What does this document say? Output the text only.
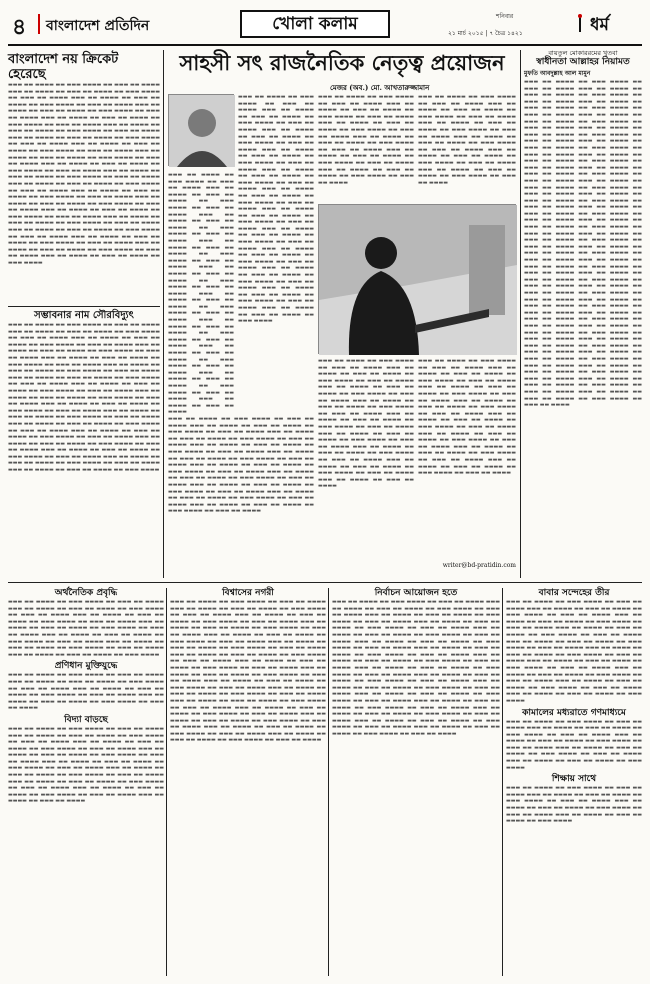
৪ বাংলাদেশ প্রতিদিন	খোলা কলাম	শনিবার
২১ মার্চ ২০১৫ | ৭ চৈত্র ১৪২১	ধর্ম
বাংলাদেশ নয় ক্রিকেট হেরেছে
▬▬▬ ▬▬ ▬▬▬▬ ▬▬ ▬▬▬ ▬▬▬▬ ▬▬ ▬▬▬ ▬▬ ▬▬▬▬ ▬▬▬ ▬▬ ▬▬▬▬ ▬▬ ▬▬▬ ▬▬ ▬▬▬▬ ▬▬ ▬▬▬ ▬▬▬▬ ▬▬ ▬▬▬ ▬▬ ▬▬▬▬ ▬▬▬ ▬▬ ▬▬▬▬ ▬▬ ▬▬▬ ▬▬ ▬▬▬▬ ▬▬ ▬▬▬ ▬▬▬▬ ▬▬ ▬▬▬ ▬▬ ▬▬▬▬ ▬▬▬ ▬▬ ▬▬▬▬ ▬▬ ▬▬▬ ▬▬ ▬▬▬▬ ▬▬ ▬▬▬ ▬▬▬▬ ▬▬ ▬▬▬ ▬▬ ▬▬▬▬ ▬▬▬ ▬▬ ▬▬▬▬ ▬▬ ▬▬▬ ▬▬ ▬▬▬▬ ▬▬ ▬▬▬ ▬▬▬▬ ▬▬ ▬▬▬ ▬▬ ▬▬▬▬ ▬▬▬ ▬▬ ▬▬▬▬ ▬▬ ▬▬▬ ▬▬ ▬▬▬▬ ▬▬ ▬▬▬ ▬▬▬▬ ▬▬ ▬▬▬ ▬▬ ▬▬▬▬ ▬▬▬ ▬▬ ▬▬▬▬ ▬▬ ▬▬▬ ▬▬ ▬▬▬▬ ▬▬ ▬▬▬ ▬▬▬▬ ▬▬ ▬▬▬ ▬▬ ▬▬▬▬ ▬▬▬ ▬▬ ▬▬▬▬ ▬▬ ▬▬▬ ▬▬ ▬▬▬▬ ▬▬ ▬▬▬ ▬▬▬▬ ▬▬ ▬▬▬ ▬▬ ▬▬▬▬ ▬▬▬ ▬▬ ▬▬▬▬ ▬▬ ▬▬▬ ▬▬ ▬▬▬▬ ▬▬ ▬▬▬ ▬▬▬▬ ▬▬ ▬▬▬ ▬▬ ▬▬▬▬ ▬▬▬ ▬▬ ▬▬▬▬ ▬▬ ▬▬▬ ▬▬ ▬▬▬▬ ▬▬ ▬▬▬ ▬▬▬▬ ▬▬ ▬▬▬ ▬▬ ▬▬▬▬ ▬▬▬ ▬▬ ▬▬▬▬ ▬▬ ▬▬▬ ▬▬ ▬▬▬▬ ▬▬ ▬▬▬ ▬▬▬▬ ▬▬ ▬▬▬ ▬▬ ▬▬▬▬ ▬▬▬ ▬▬ ▬▬▬▬ ▬▬ ▬▬▬ ▬▬ ▬▬▬▬ ▬▬ ▬▬▬ ▬▬▬▬ ▬▬ ▬▬▬ ▬▬ ▬▬▬▬ ▬▬▬ ▬▬ ▬▬▬▬ ▬▬ ▬▬▬ ▬▬ ▬▬▬▬ ▬▬ ▬▬▬ ▬▬▬▬ ▬▬ ▬▬▬ ▬▬ ▬▬▬▬ ▬▬▬ ▬▬ ▬▬▬▬ ▬▬ ▬▬▬ ▬▬ ▬▬▬▬ ▬▬ ▬▬▬ ▬▬▬▬ ▬▬ ▬▬▬ ▬▬ ▬▬▬▬ ▬▬▬ ▬▬ ▬▬▬▬ ▬▬ ▬▬▬ ▬▬ ▬▬▬▬ ▬▬ ▬▬▬ ▬▬▬▬ ▬▬ ▬▬▬ ▬▬ ▬▬▬▬ ▬▬▬ ▬▬ ▬▬▬▬ ▬▬ ▬▬▬ ▬▬ ▬▬▬▬ ▬▬ ▬▬▬ ▬▬▬▬ ▬▬ ▬▬▬ ▬▬ ▬▬▬▬ ▬▬▬ ▬▬ ▬▬▬▬ ▬▬ ▬▬▬ ▬▬ ▬▬▬▬ ▬▬ ▬▬▬ ▬▬▬▬ ▬▬ ▬▬▬ ▬▬ ▬▬▬▬ ▬▬▬ ▬▬ ▬▬▬▬ ▬▬ ▬▬▬ ▬▬ ▬▬▬▬ ▬▬ ▬▬▬ ▬▬▬▬ ▬▬ ▬▬▬ ▬▬ ▬▬▬▬ ▬▬▬ ▬▬ ▬▬▬▬ ▬▬ ▬▬▬ ▬▬ ▬▬▬▬ ▬▬ ▬▬▬ ▬▬▬▬ ▬▬ ▬▬▬ ▬▬ ▬▬▬▬ ▬▬▬ ▬▬ ▬▬▬▬ ▬▬ ▬▬▬ ▬▬ ▬▬▬▬ ▬▬ ▬▬▬ ▬▬▬▬
সম্ভাবনার নাম সৌরবিদ্যুৎ
▬▬▬ ▬▬ ▬▬▬▬ ▬▬ ▬▬▬ ▬▬▬▬ ▬▬ ▬▬▬ ▬▬ ▬▬▬▬ ▬▬▬ ▬▬ ▬▬▬▬ ▬▬ ▬▬▬ ▬▬ ▬▬▬▬ ▬▬ ▬▬▬ ▬▬▬▬ ▬▬ ▬▬▬ ▬▬ ▬▬▬▬ ▬▬▬ ▬▬ ▬▬▬▬ ▬▬ ▬▬▬ ▬▬ ▬▬▬▬ ▬▬ ▬▬▬ ▬▬▬▬ ▬▬ ▬▬▬ ▬▬ ▬▬▬▬ ▬▬▬ ▬▬ ▬▬▬▬ ▬▬ ▬▬▬ ▬▬ ▬▬▬▬ ▬▬ ▬▬▬ ▬▬▬▬ ▬▬ ▬▬▬ ▬▬ ▬▬▬▬ ▬▬▬ ▬▬ ▬▬▬▬ ▬▬ ▬▬▬ ▬▬ ▬▬▬▬ ▬▬ ▬▬▬ ▬▬▬▬ ▬▬ ▬▬▬ ▬▬ ▬▬▬▬ ▬▬▬ ▬▬ ▬▬▬▬ ▬▬ ▬▬▬ ▬▬ ▬▬▬▬ ▬▬ ▬▬▬ ▬▬▬▬ ▬▬ ▬▬▬ ▬▬ ▬▬▬▬ ▬▬▬ ▬▬ ▬▬▬▬ ▬▬ ▬▬▬ ▬▬ ▬▬▬▬ ▬▬ ▬▬▬ ▬▬▬▬ ▬▬ ▬▬▬ ▬▬ ▬▬▬▬ ▬▬▬ ▬▬ ▬▬▬▬ ▬▬ ▬▬▬ ▬▬ ▬▬▬▬ ▬▬ ▬▬▬ ▬▬▬▬ ▬▬ ▬▬▬ ▬▬ ▬▬▬▬ ▬▬▬ ▬▬ ▬▬▬▬ ▬▬ ▬▬▬ ▬▬ ▬▬▬▬ ▬▬ ▬▬▬ ▬▬▬▬ ▬▬ ▬▬▬ ▬▬ ▬▬▬▬ ▬▬▬ ▬▬ ▬▬▬▬ ▬▬ ▬▬▬ ▬▬ ▬▬▬▬ ▬▬ ▬▬▬ ▬▬▬▬ ▬▬ ▬▬▬ ▬▬ ▬▬▬▬ ▬▬▬ ▬▬ ▬▬▬▬ ▬▬ ▬▬▬ ▬▬ ▬▬▬▬ ▬▬ ▬▬▬ ▬▬▬▬ ▬▬ ▬▬▬ ▬▬ ▬▬▬▬ ▬▬▬ ▬▬ ▬▬▬▬ ▬▬ ▬▬▬ ▬▬ ▬▬▬▬ ▬▬ ▬▬▬ ▬▬▬▬ ▬▬ ▬▬▬ ▬▬ ▬▬▬▬ ▬▬▬ ▬▬ ▬▬▬▬ ▬▬ ▬▬▬ ▬▬ ▬▬▬▬ ▬▬ ▬▬▬ ▬▬▬▬ ▬▬ ▬▬▬ ▬▬ ▬▬▬▬ ▬▬▬ ▬▬ ▬▬▬▬ ▬▬ ▬▬▬ ▬▬ ▬▬▬▬ ▬▬ ▬▬▬ ▬▬▬▬ ▬▬ ▬▬▬ ▬▬ ▬▬▬▬ ▬▬▬ ▬▬ ▬▬▬▬ ▬▬ ▬▬▬ ▬▬ ▬▬▬▬ ▬▬ ▬▬▬ ▬▬▬▬ ▬▬ ▬▬▬ ▬▬ ▬▬▬▬ ▬▬▬ ▬▬ ▬▬▬▬ ▬▬ ▬▬▬ ▬▬ ▬▬▬▬ ▬▬ ▬▬▬ ▬▬▬▬ ▬▬ ▬▬▬ ▬▬ ▬▬▬▬ ▬▬▬ ▬▬ ▬▬▬▬ ▬▬ ▬▬▬ ▬▬ ▬▬▬▬ ▬▬ ▬▬▬ ▬▬▬▬
সাহসী সৎ রাজনৈতিক নেতৃত্ব প্রয়োজন
মেজর (অব.) মো. আখতারুজ্জামান
▬▬▬ ▬▬ ▬▬▬▬ ▬▬ ▬▬▬ ▬▬▬▬ ▬▬ ▬▬▬ ▬▬ ▬▬▬▬ ▬▬▬ ▬▬ ▬▬▬▬ ▬▬ ▬▬▬ ▬▬ ▬▬▬▬ ▬▬ ▬▬▬ ▬▬▬▬ ▬▬ ▬▬▬ ▬▬ ▬▬▬▬ ▬▬▬ ▬▬ ▬▬▬▬ ▬▬ ▬▬▬ ▬▬ ▬▬▬▬ ▬▬ ▬▬▬ ▬▬▬▬ ▬▬ ▬▬▬ ▬▬ ▬▬▬▬ ▬▬▬ ▬▬ ▬▬▬▬ ▬▬ ▬▬▬ ▬▬ ▬▬▬▬ ▬▬ ▬▬▬ ▬▬▬▬ ▬▬ ▬▬▬ ▬▬ ▬▬▬▬ ▬▬▬ ▬▬ ▬▬▬▬ ▬▬ ▬▬▬ ▬▬ ▬▬▬▬ ▬▬ ▬▬▬ ▬▬▬▬ ▬▬ ▬▬▬ ▬▬ ▬▬▬▬ ▬▬▬ ▬▬ ▬▬▬▬ ▬▬ ▬▬▬ ▬▬ ▬▬▬▬ ▬▬ ▬▬▬ ▬▬▬▬ ▬▬ ▬▬▬ ▬▬ ▬▬▬▬ ▬▬▬ ▬▬ ▬▬▬▬ ▬▬ ▬▬▬ ▬▬ ▬▬▬▬ ▬▬ ▬▬▬ ▬▬▬▬ ▬▬ ▬▬▬ ▬▬ ▬▬▬▬ ▬▬▬ ▬▬ ▬▬▬▬ ▬▬ ▬▬▬ ▬▬ ▬▬▬▬ ▬▬ ▬▬▬ ▬▬▬▬ ▬▬ ▬▬▬ ▬▬ ▬▬▬▬ ▬▬▬ ▬▬ ▬▬▬▬ ▬▬ ▬▬▬ ▬▬ ▬▬▬▬ ▬▬ ▬▬▬ ▬▬▬▬ ▬▬ ▬▬▬ ▬▬ ▬▬▬▬ ▬▬▬ ▬▬ ▬▬▬▬ ▬▬ ▬▬▬ ▬▬ ▬▬▬▬
▬▬▬ ▬▬ ▬▬▬▬ ▬▬ ▬▬▬ ▬▬▬▬ ▬▬ ▬▬▬ ▬▬ ▬▬▬▬ ▬▬▬ ▬▬ ▬▬▬▬ ▬▬ ▬▬▬ ▬▬ ▬▬▬▬ ▬▬ ▬▬▬ ▬▬▬▬ ▬▬ ▬▬▬ ▬▬ ▬▬▬▬ ▬▬▬ ▬▬ ▬▬▬▬ ▬▬ ▬▬▬ ▬▬ ▬▬▬▬ ▬▬ ▬▬▬ ▬▬▬▬ ▬▬ ▬▬▬ ▬▬ ▬▬▬▬ ▬▬▬ ▬▬ ▬▬▬▬ ▬▬ ▬▬▬ ▬▬ ▬▬▬▬ ▬▬ ▬▬▬ ▬▬▬▬ ▬▬ ▬▬▬ ▬▬ ▬▬▬▬ ▬▬▬ ▬▬ ▬▬▬▬ ▬▬ ▬▬▬ ▬▬ ▬▬▬▬ ▬▬ ▬▬▬ ▬▬▬▬ ▬▬ ▬▬▬ ▬▬ ▬▬▬▬ ▬▬▬ ▬▬ ▬▬▬▬ ▬▬ ▬▬▬ ▬▬ ▬▬▬▬ ▬▬ ▬▬▬ ▬▬▬▬ ▬▬ ▬▬▬ ▬▬ ▬▬▬▬ ▬▬▬ ▬▬ ▬▬▬▬ ▬▬ ▬▬▬ ▬▬ ▬▬▬▬ ▬▬ ▬▬▬ ▬▬▬▬ ▬▬ ▬▬▬ ▬▬ ▬▬▬▬ ▬▬▬ ▬▬ ▬▬▬▬ ▬▬ ▬▬▬ ▬▬ ▬▬▬▬ ▬▬ ▬▬▬ ▬▬▬▬ ▬▬ ▬▬▬ ▬▬ ▬▬▬▬ ▬▬▬ ▬▬ ▬▬▬▬ ▬▬ ▬▬▬ ▬▬ ▬▬▬▬ ▬▬ ▬▬▬ ▬▬▬▬ ▬▬ ▬▬▬ ▬▬ ▬▬▬▬ ▬▬▬ ▬▬ ▬▬▬▬ ▬▬ ▬▬▬ ▬▬ ▬▬▬▬ ▬▬ ▬▬▬ ▬▬▬▬ ▬▬ ▬▬▬ ▬▬ ▬▬▬▬ ▬▬▬ ▬▬ ▬▬▬▬ ▬▬ ▬▬▬ ▬▬ ▬▬▬▬ ▬▬ ▬▬▬ ▬▬▬▬ ▬▬ ▬▬▬ ▬▬ ▬▬▬▬ ▬▬▬ ▬▬ ▬▬▬▬ ▬▬ ▬▬▬ ▬▬ ▬▬▬▬ ▬▬ ▬▬▬ ▬▬▬▬
▬▬▬ ▬▬ ▬▬▬▬ ▬▬ ▬▬▬ ▬▬▬▬ ▬▬ ▬▬▬ ▬▬ ▬▬▬▬ ▬▬▬ ▬▬ ▬▬▬▬ ▬▬ ▬▬▬ ▬▬ ▬▬▬▬ ▬▬ ▬▬▬ ▬▬▬▬ ▬▬ ▬▬▬ ▬▬ ▬▬▬▬ ▬▬▬ ▬▬ ▬▬▬▬ ▬▬ ▬▬▬ ▬▬ ▬▬▬▬ ▬▬ ▬▬▬ ▬▬▬▬ ▬▬ ▬▬▬ ▬▬ ▬▬▬▬ ▬▬▬ ▬▬ ▬▬▬▬ ▬▬ ▬▬▬ ▬▬ ▬▬▬▬ ▬▬ ▬▬▬ ▬▬▬▬ ▬▬ ▬▬▬ ▬▬ ▬▬▬▬ ▬▬▬ ▬▬ ▬▬▬▬ ▬▬ ▬▬▬ ▬▬ ▬▬▬▬ ▬▬ ▬▬▬ ▬▬▬▬ ▬▬ ▬▬▬ ▬▬ ▬▬▬▬ ▬▬▬ ▬▬ ▬▬▬▬ ▬▬ ▬▬▬ ▬▬ ▬▬▬▬ ▬▬ ▬▬▬ ▬▬▬▬ ▬▬ ▬▬▬ ▬▬ ▬▬▬▬
▬▬▬ ▬▬ ▬▬▬▬ ▬▬ ▬▬▬ ▬▬▬▬ ▬▬ ▬▬▬ ▬▬ ▬▬▬▬ ▬▬▬ ▬▬ ▬▬▬▬ ▬▬ ▬▬▬ ▬▬ ▬▬▬▬ ▬▬ ▬▬▬ ▬▬▬▬ ▬▬ ▬▬▬ ▬▬ ▬▬▬▬ ▬▬▬ ▬▬ ▬▬▬▬ ▬▬ ▬▬▬ ▬▬ ▬▬▬▬ ▬▬ ▬▬▬ ▬▬▬▬ ▬▬ ▬▬▬ ▬▬ ▬▬▬▬ ▬▬▬ ▬▬ ▬▬▬▬ ▬▬ ▬▬▬ ▬▬ ▬▬▬▬ ▬▬ ▬▬▬ ▬▬▬▬ ▬▬ ▬▬▬ ▬▬ ▬▬▬▬ ▬▬▬ ▬▬ ▬▬▬▬ ▬▬ ▬▬▬ ▬▬ ▬▬▬▬ ▬▬ ▬▬▬ ▬▬▬▬ ▬▬ ▬▬▬ ▬▬ ▬▬▬▬ ▬▬▬ ▬▬ ▬▬▬▬ ▬▬ ▬▬▬ ▬▬ ▬▬▬▬ ▬▬ ▬▬▬ ▬▬▬▬ ▬▬ ▬▬▬ ▬▬ ▬▬▬▬
▬▬▬ ▬▬ ▬▬▬▬ ▬▬ ▬▬▬ ▬▬▬▬ ▬▬ ▬▬▬ ▬▬ ▬▬▬▬ ▬▬▬ ▬▬ ▬▬▬▬ ▬▬ ▬▬▬ ▬▬ ▬▬▬▬ ▬▬ ▬▬▬ ▬▬▬▬ ▬▬ ▬▬▬ ▬▬ ▬▬▬▬ ▬▬▬ ▬▬ ▬▬▬▬ ▬▬ ▬▬▬ ▬▬ ▬▬▬▬ ▬▬ ▬▬▬ ▬▬▬▬ ▬▬ ▬▬▬ ▬▬ ▬▬▬▬ ▬▬▬ ▬▬ ▬▬▬▬ ▬▬ ▬▬▬ ▬▬ ▬▬▬▬ ▬▬ ▬▬▬ ▬▬▬▬ ▬▬ ▬▬▬ ▬▬ ▬▬▬▬ ▬▬▬ ▬▬ ▬▬▬▬ ▬▬ ▬▬▬ ▬▬ ▬▬▬▬ ▬▬ ▬▬▬ ▬▬▬▬ ▬▬ ▬▬▬ ▬▬ ▬▬▬▬ ▬▬▬ ▬▬ ▬▬▬▬ ▬▬ ▬▬▬ ▬▬ ▬▬▬▬ ▬▬ ▬▬▬ ▬▬▬▬ ▬▬ ▬▬▬ ▬▬ ▬▬▬▬ ▬▬▬ ▬▬ ▬▬▬▬ ▬▬ ▬▬▬ ▬▬ ▬▬▬▬ ▬▬ ▬▬▬ ▬▬▬▬ ▬▬ ▬▬▬ ▬▬ ▬▬▬▬ ▬▬▬ ▬▬ ▬▬▬▬ ▬▬ ▬▬▬ ▬▬ ▬▬▬▬ ▬▬ ▬▬▬ ▬▬▬▬ ▬▬ ▬▬▬ ▬▬ ▬▬▬▬ ▬▬▬ ▬▬ ▬▬▬▬ ▬▬ ▬▬▬ ▬▬ ▬▬▬▬
▬▬▬ ▬▬ ▬▬▬▬ ▬▬ ▬▬▬ ▬▬▬▬ ▬▬ ▬▬▬ ▬▬ ▬▬▬▬ ▬▬▬ ▬▬ ▬▬▬▬ ▬▬ ▬▬▬ ▬▬ ▬▬▬▬ ▬▬ ▬▬▬ ▬▬▬▬ ▬▬ ▬▬▬ ▬▬ ▬▬▬▬ ▬▬▬ ▬▬ ▬▬▬▬ ▬▬ ▬▬▬ ▬▬ ▬▬▬▬ ▬▬ ▬▬▬ ▬▬▬▬ ▬▬ ▬▬▬ ▬▬ ▬▬▬▬ ▬▬▬ ▬▬ ▬▬▬▬ ▬▬ ▬▬▬ ▬▬ ▬▬▬▬ ▬▬ ▬▬▬ ▬▬▬▬ ▬▬ ▬▬▬ ▬▬ ▬▬▬▬ ▬▬▬ ▬▬ ▬▬▬▬ ▬▬ ▬▬▬ ▬▬ ▬▬▬▬ ▬▬ ▬▬▬ ▬▬▬▬ ▬▬ ▬▬▬ ▬▬ ▬▬▬▬ ▬▬▬ ▬▬ ▬▬▬▬ ▬▬ ▬▬▬ ▬▬ ▬▬▬▬ ▬▬ ▬▬▬ ▬▬▬▬ ▬▬ ▬▬▬ ▬▬ ▬▬▬▬ ▬▬▬ ▬▬ ▬▬▬▬ ▬▬ ▬▬▬ ▬▬ ▬▬▬▬ ▬▬ ▬▬▬ ▬▬▬▬ ▬▬ ▬▬▬ ▬▬ ▬▬▬▬ ▬▬▬ ▬▬ ▬▬▬▬ ▬▬ ▬▬▬ ▬▬ ▬▬▬▬ ▬▬ ▬▬▬ ▬▬▬▬ ▬▬ ▬▬▬ ▬▬ ▬▬▬▬
▬▬▬ ▬▬ ▬▬▬▬ ▬▬ ▬▬▬ ▬▬▬▬ ▬▬ ▬▬▬ ▬▬ ▬▬▬▬ ▬▬▬ ▬▬ ▬▬▬▬ ▬▬ ▬▬▬ ▬▬ ▬▬▬▬ ▬▬ ▬▬▬ ▬▬▬▬ ▬▬ ▬▬▬ ▬▬ ▬▬▬▬ ▬▬▬ ▬▬ ▬▬▬▬ ▬▬ ▬▬▬ ▬▬ ▬▬▬▬ ▬▬ ▬▬▬ ▬▬▬▬ ▬▬ ▬▬▬ ▬▬ ▬▬▬▬ ▬▬▬ ▬▬ ▬▬▬▬ ▬▬ ▬▬▬ ▬▬ ▬▬▬▬ ▬▬ ▬▬▬ ▬▬▬▬ ▬▬ ▬▬▬ ▬▬ ▬▬▬▬ ▬▬▬ ▬▬ ▬▬▬▬ ▬▬ ▬▬▬ ▬▬ ▬▬▬▬ ▬▬ ▬▬▬ ▬▬▬▬ ▬▬ ▬▬▬ ▬▬ ▬▬▬▬ ▬▬▬ ▬▬ ▬▬▬▬ ▬▬ ▬▬▬ ▬▬ ▬▬▬▬ ▬▬ ▬▬▬ ▬▬▬▬ ▬▬ ▬▬▬ ▬▬ ▬▬▬▬ ▬▬▬ ▬▬ ▬▬▬▬ ▬▬ ▬▬▬ ▬▬ ▬▬▬▬ ▬▬ ▬▬▬ ▬▬▬▬ ▬▬ ▬▬▬ ▬▬ ▬▬▬▬ ▬▬▬ ▬▬ ▬▬▬▬ ▬▬ ▬▬▬ ▬▬ ▬▬▬▬ ▬▬ ▬▬▬ ▬▬▬▬ ▬▬ ▬▬▬ ▬▬ ▬▬▬▬ ▬▬▬ ▬▬ ▬▬▬▬ ▬▬ ▬▬▬ ▬▬ ▬▬▬▬ ▬▬ ▬▬▬ ▬▬▬▬ ▬▬ ▬▬▬ ▬▬ ▬▬▬▬ ▬▬▬ ▬▬ ▬▬▬▬ ▬▬ ▬▬▬ ▬▬ ▬▬▬▬ ▬▬ ▬▬▬ ▬▬▬▬ ▬▬ ▬▬▬ ▬▬ ▬▬▬▬
writer@bd-pratidin.com
বায়তুল মোকাররমের খুতবা
স্বাধীনতা আল্লাহর নিয়ামত
মুফতি আবদুল্লাহ আল মামুন
▬▬▬ ▬▬ ▬▬▬▬ ▬▬ ▬▬▬ ▬▬▬▬ ▬▬ ▬▬▬ ▬▬ ▬▬▬▬ ▬▬▬ ▬▬ ▬▬▬▬ ▬▬ ▬▬▬ ▬▬ ▬▬▬▬ ▬▬ ▬▬▬ ▬▬▬▬ ▬▬ ▬▬▬ ▬▬ ▬▬▬▬ ▬▬▬ ▬▬ ▬▬▬▬ ▬▬ ▬▬▬ ▬▬ ▬▬▬▬ ▬▬ ▬▬▬ ▬▬▬▬ ▬▬ ▬▬▬ ▬▬ ▬▬▬▬ ▬▬▬ ▬▬ ▬▬▬▬ ▬▬ ▬▬▬ ▬▬ ▬▬▬▬ ▬▬ ▬▬▬ ▬▬▬▬ ▬▬ ▬▬▬ ▬▬ ▬▬▬▬ ▬▬▬ ▬▬ ▬▬▬▬ ▬▬ ▬▬▬ ▬▬ ▬▬▬▬ ▬▬ ▬▬▬ ▬▬▬▬ ▬▬ ▬▬▬ ▬▬ ▬▬▬▬ ▬▬▬ ▬▬ ▬▬▬▬ ▬▬ ▬▬▬ ▬▬ ▬▬▬▬ ▬▬ ▬▬▬ ▬▬▬▬ ▬▬ ▬▬▬ ▬▬ ▬▬▬▬ ▬▬▬ ▬▬ ▬▬▬▬ ▬▬ ▬▬▬ ▬▬ ▬▬▬▬ ▬▬ ▬▬▬ ▬▬▬▬ ▬▬ ▬▬▬ ▬▬ ▬▬▬▬ ▬▬▬ ▬▬ ▬▬▬▬ ▬▬ ▬▬▬ ▬▬ ▬▬▬▬ ▬▬ ▬▬▬ ▬▬▬▬ ▬▬ ▬▬▬ ▬▬ ▬▬▬▬ ▬▬▬ ▬▬ ▬▬▬▬ ▬▬ ▬▬▬ ▬▬ ▬▬▬▬ ▬▬ ▬▬▬ ▬▬▬▬ ▬▬ ▬▬▬ ▬▬ ▬▬▬▬ ▬▬▬ ▬▬ ▬▬▬▬ ▬▬ ▬▬▬ ▬▬ ▬▬▬▬ ▬▬ ▬▬▬ ▬▬▬▬ ▬▬ ▬▬▬ ▬▬ ▬▬▬▬ ▬▬▬ ▬▬ ▬▬▬▬ ▬▬ ▬▬▬ ▬▬ ▬▬▬▬ ▬▬ ▬▬▬ ▬▬▬▬ ▬▬ ▬▬▬ ▬▬ ▬▬▬▬ ▬▬▬ ▬▬ ▬▬▬▬ ▬▬ ▬▬▬ ▬▬ ▬▬▬▬ ▬▬ ▬▬▬ ▬▬▬▬ ▬▬ ▬▬▬ ▬▬ ▬▬▬▬ ▬▬▬ ▬▬ ▬▬▬▬ ▬▬ ▬▬▬ ▬▬ ▬▬▬▬ ▬▬ ▬▬▬ ▬▬▬▬ ▬▬ ▬▬▬ ▬▬ ▬▬▬▬ ▬▬▬ ▬▬ ▬▬▬▬ ▬▬ ▬▬▬ ▬▬ ▬▬▬▬ ▬▬ ▬▬▬ ▬▬▬▬ ▬▬ ▬▬▬ ▬▬ ▬▬▬▬ ▬▬▬ ▬▬ ▬▬▬▬ ▬▬ ▬▬▬ ▬▬ ▬▬▬▬ ▬▬ ▬▬▬ ▬▬▬▬ ▬▬ ▬▬▬ ▬▬ ▬▬▬▬ ▬▬▬ ▬▬ ▬▬▬▬ ▬▬ ▬▬▬ ▬▬ ▬▬▬▬ ▬▬ ▬▬▬ ▬▬▬▬ ▬▬ ▬▬▬ ▬▬ ▬▬▬▬ ▬▬▬ ▬▬ ▬▬▬▬ ▬▬ ▬▬▬ ▬▬ ▬▬▬▬ ▬▬ ▬▬▬ ▬▬▬▬ ▬▬ ▬▬▬ ▬▬ ▬▬▬▬ ▬▬▬ ▬▬ ▬▬▬▬ ▬▬ ▬▬▬ ▬▬ ▬▬▬▬ ▬▬ ▬▬▬ ▬▬▬▬ ▬▬ ▬▬▬ ▬▬ ▬▬▬▬ ▬▬▬ ▬▬ ▬▬▬▬ ▬▬ ▬▬▬ ▬▬ ▬▬▬▬ ▬▬ ▬▬▬ ▬▬▬▬ ▬▬ ▬▬▬ ▬▬ ▬▬▬▬ ▬▬▬ ▬▬ ▬▬▬▬ ▬▬ ▬▬▬ ▬▬ ▬▬▬▬ ▬▬ ▬▬▬ ▬▬▬▬ ▬▬ ▬▬▬ ▬▬ ▬▬▬▬ ▬▬▬ ▬▬ ▬▬▬▬ ▬▬ ▬▬▬ ▬▬ ▬▬▬▬ ▬▬ ▬▬▬ ▬▬▬▬ ▬▬ ▬▬▬ ▬▬ ▬▬▬▬ ▬▬▬ ▬▬ ▬▬▬▬ ▬▬ ▬▬▬ ▬▬ ▬▬▬▬ ▬▬ ▬▬▬ ▬▬▬▬ ▬▬ ▬▬▬ ▬▬ ▬▬▬▬ ▬▬▬ ▬▬ ▬▬▬▬ ▬▬ ▬▬▬ ▬▬ ▬▬▬▬ ▬▬ ▬▬▬ ▬▬▬▬ ▬▬ ▬▬▬ ▬▬ ▬▬▬▬ ▬▬▬ ▬▬ ▬▬▬▬ ▬▬ ▬▬▬ ▬▬ ▬▬▬▬ ▬▬ ▬▬▬ ▬▬▬▬ ▬▬ ▬▬▬ ▬▬ ▬▬▬▬ ▬▬▬ ▬▬ ▬▬▬▬ ▬▬ ▬▬▬ ▬▬ ▬▬▬▬ ▬▬ ▬▬▬ ▬▬▬▬ ▬▬ ▬▬▬ ▬▬ ▬▬▬▬
অর্থনৈতিক প্রবৃদ্ধি
▬▬▬ ▬▬ ▬▬▬▬ ▬▬ ▬▬▬ ▬▬▬▬ ▬▬ ▬▬▬ ▬▬ ▬▬▬▬ ▬▬▬ ▬▬ ▬▬▬▬ ▬▬ ▬▬▬ ▬▬ ▬▬▬▬ ▬▬ ▬▬▬ ▬▬▬▬ ▬▬ ▬▬▬ ▬▬ ▬▬▬▬ ▬▬▬ ▬▬ ▬▬▬▬ ▬▬ ▬▬▬ ▬▬ ▬▬▬▬ ▬▬ ▬▬▬ ▬▬▬▬ ▬▬ ▬▬▬ ▬▬ ▬▬▬▬ ▬▬▬ ▬▬ ▬▬▬▬ ▬▬ ▬▬▬ ▬▬ ▬▬▬▬ ▬▬ ▬▬▬ ▬▬▬▬ ▬▬ ▬▬▬ ▬▬ ▬▬▬▬ ▬▬▬ ▬▬ ▬▬▬▬ ▬▬ ▬▬▬ ▬▬ ▬▬▬▬ ▬▬ ▬▬▬ ▬▬▬▬ ▬▬ ▬▬▬ ▬▬ ▬▬▬▬ ▬▬▬ ▬▬ ▬▬▬▬ ▬▬ ▬▬▬ ▬▬ ▬▬▬▬ ▬▬ ▬▬▬ ▬▬▬▬ ▬▬ ▬▬▬ ▬▬ ▬▬▬▬ ▬▬▬ ▬▬ ▬▬▬▬ ▬▬ ▬▬▬ ▬▬ ▬▬▬▬ ▬▬ ▬▬▬ ▬▬▬▬
প্রণিধান মুক্তিযুদ্ধে
▬▬▬ ▬▬ ▬▬▬▬ ▬▬ ▬▬▬ ▬▬▬▬ ▬▬ ▬▬▬ ▬▬ ▬▬▬▬ ▬▬▬ ▬▬ ▬▬▬▬ ▬▬ ▬▬▬ ▬▬ ▬▬▬▬ ▬▬ ▬▬▬ ▬▬▬▬ ▬▬ ▬▬▬ ▬▬ ▬▬▬▬ ▬▬▬ ▬▬ ▬▬▬▬ ▬▬ ▬▬▬ ▬▬ ▬▬▬▬ ▬▬ ▬▬▬ ▬▬▬▬ ▬▬ ▬▬▬ ▬▬ ▬▬▬▬ ▬▬▬ ▬▬ ▬▬▬▬ ▬▬ ▬▬▬ ▬▬ ▬▬▬▬ ▬▬ ▬▬▬ ▬▬▬▬ ▬▬ ▬▬▬ ▬▬ ▬▬▬▬
বিদ্যা বাড়ছে
▬▬▬ ▬▬ ▬▬▬▬ ▬▬ ▬▬▬ ▬▬▬▬ ▬▬ ▬▬▬ ▬▬ ▬▬▬▬ ▬▬▬ ▬▬ ▬▬▬▬ ▬▬ ▬▬▬ ▬▬ ▬▬▬▬ ▬▬ ▬▬▬ ▬▬▬▬ ▬▬ ▬▬▬ ▬▬ ▬▬▬▬ ▬▬▬ ▬▬ ▬▬▬▬ ▬▬ ▬▬▬ ▬▬ ▬▬▬▬ ▬▬ ▬▬▬ ▬▬▬▬ ▬▬ ▬▬▬ ▬▬ ▬▬▬▬ ▬▬▬ ▬▬ ▬▬▬▬ ▬▬ ▬▬▬ ▬▬ ▬▬▬▬ ▬▬ ▬▬▬ ▬▬▬▬ ▬▬ ▬▬▬ ▬▬ ▬▬▬▬ ▬▬▬ ▬▬ ▬▬▬▬ ▬▬ ▬▬▬ ▬▬ ▬▬▬▬ ▬▬ ▬▬▬ ▬▬▬▬ ▬▬ ▬▬▬ ▬▬ ▬▬▬▬ ▬▬▬ ▬▬ ▬▬▬▬ ▬▬ ▬▬▬ ▬▬ ▬▬▬▬ ▬▬ ▬▬▬ ▬▬▬▬ ▬▬ ▬▬▬ ▬▬ ▬▬▬▬ ▬▬▬ ▬▬ ▬▬▬▬ ▬▬ ▬▬▬ ▬▬ ▬▬▬▬ ▬▬ ▬▬▬ ▬▬▬▬ ▬▬ ▬▬▬ ▬▬ ▬▬▬▬ ▬▬▬ ▬▬ ▬▬▬▬ ▬▬ ▬▬▬ ▬▬ ▬▬▬▬ ▬▬ ▬▬▬ ▬▬▬▬ ▬▬ ▬▬▬ ▬▬ ▬▬▬▬ ▬▬▬ ▬▬ ▬▬▬▬ ▬▬ ▬▬▬ ▬▬ ▬▬▬▬
বিশ্বাসের নগরী
▬▬▬ ▬▬ ▬▬▬▬ ▬▬ ▬▬▬ ▬▬▬▬ ▬▬ ▬▬▬ ▬▬ ▬▬▬▬ ▬▬▬ ▬▬ ▬▬▬▬ ▬▬ ▬▬▬ ▬▬ ▬▬▬▬ ▬▬ ▬▬▬ ▬▬▬▬ ▬▬ ▬▬▬ ▬▬ ▬▬▬▬ ▬▬▬ ▬▬ ▬▬▬▬ ▬▬ ▬▬▬ ▬▬ ▬▬▬▬ ▬▬ ▬▬▬ ▬▬▬▬ ▬▬ ▬▬▬ ▬▬ ▬▬▬▬ ▬▬▬ ▬▬ ▬▬▬▬ ▬▬ ▬▬▬ ▬▬ ▬▬▬▬ ▬▬ ▬▬▬ ▬▬▬▬ ▬▬ ▬▬▬ ▬▬ ▬▬▬▬ ▬▬▬ ▬▬ ▬▬▬▬ ▬▬ ▬▬▬ ▬▬ ▬▬▬▬ ▬▬ ▬▬▬ ▬▬▬▬ ▬▬ ▬▬▬ ▬▬ ▬▬▬▬ ▬▬▬ ▬▬ ▬▬▬▬ ▬▬ ▬▬▬ ▬▬ ▬▬▬▬ ▬▬ ▬▬▬ ▬▬▬▬ ▬▬ ▬▬▬ ▬▬ ▬▬▬▬ ▬▬▬ ▬▬ ▬▬▬▬ ▬▬ ▬▬▬ ▬▬ ▬▬▬▬ ▬▬ ▬▬▬ ▬▬▬▬ ▬▬ ▬▬▬ ▬▬ ▬▬▬▬ ▬▬▬ ▬▬ ▬▬▬▬ ▬▬ ▬▬▬ ▬▬ ▬▬▬▬ ▬▬ ▬▬▬ ▬▬▬▬ ▬▬ ▬▬▬ ▬▬ ▬▬▬▬ ▬▬▬ ▬▬ ▬▬▬▬ ▬▬ ▬▬▬ ▬▬ ▬▬▬▬ ▬▬ ▬▬▬ ▬▬▬▬ ▬▬ ▬▬▬ ▬▬ ▬▬▬▬ ▬▬▬ ▬▬ ▬▬▬▬ ▬▬ ▬▬▬ ▬▬ ▬▬▬▬ ▬▬ ▬▬▬ ▬▬▬▬ ▬▬ ▬▬▬ ▬▬ ▬▬▬▬ ▬▬▬ ▬▬ ▬▬▬▬ ▬▬ ▬▬▬ ▬▬ ▬▬▬▬ ▬▬ ▬▬▬ ▬▬▬▬ ▬▬ ▬▬▬ ▬▬ ▬▬▬▬ ▬▬▬ ▬▬ ▬▬▬▬ ▬▬ ▬▬▬ ▬▬ ▬▬▬▬ ▬▬ ▬▬▬ ▬▬▬▬ ▬▬ ▬▬▬ ▬▬ ▬▬▬▬ ▬▬▬ ▬▬ ▬▬▬▬ ▬▬ ▬▬▬ ▬▬ ▬▬▬▬ ▬▬ ▬▬▬ ▬▬▬▬ ▬▬ ▬▬▬ ▬▬ ▬▬▬▬ ▬▬▬ ▬▬ ▬▬▬▬ ▬▬ ▬▬▬ ▬▬ ▬▬▬▬ ▬▬ ▬▬▬ ▬▬▬▬ ▬▬ ▬▬▬ ▬▬ ▬▬▬▬ ▬▬▬ ▬▬ ▬▬▬▬ ▬▬ ▬▬▬ ▬▬ ▬▬▬▬ ▬▬ ▬▬▬ ▬▬▬▬ ▬▬ ▬▬▬ ▬▬ ▬▬▬▬ ▬▬▬ ▬▬ ▬▬▬▬ ▬▬ ▬▬▬ ▬▬ ▬▬▬▬ ▬▬ ▬▬▬ ▬▬▬▬ ▬▬ ▬▬▬ ▬▬ ▬▬▬▬
নির্বাচন আয়োজন হতে
▬▬▬ ▬▬ ▬▬▬▬ ▬▬ ▬▬▬ ▬▬▬▬ ▬▬ ▬▬▬ ▬▬ ▬▬▬▬ ▬▬▬ ▬▬ ▬▬▬▬ ▬▬ ▬▬▬ ▬▬ ▬▬▬▬ ▬▬ ▬▬▬ ▬▬▬▬ ▬▬ ▬▬▬ ▬▬ ▬▬▬▬ ▬▬▬ ▬▬ ▬▬▬▬ ▬▬ ▬▬▬ ▬▬ ▬▬▬▬ ▬▬ ▬▬▬ ▬▬▬▬ ▬▬ ▬▬▬ ▬▬ ▬▬▬▬ ▬▬▬ ▬▬ ▬▬▬▬ ▬▬ ▬▬▬ ▬▬ ▬▬▬▬ ▬▬ ▬▬▬ ▬▬▬▬ ▬▬ ▬▬▬ ▬▬ ▬▬▬▬ ▬▬▬ ▬▬ ▬▬▬▬ ▬▬ ▬▬▬ ▬▬ ▬▬▬▬ ▬▬ ▬▬▬ ▬▬▬▬ ▬▬ ▬▬▬ ▬▬ ▬▬▬▬ ▬▬▬ ▬▬ ▬▬▬▬ ▬▬ ▬▬▬ ▬▬ ▬▬▬▬ ▬▬ ▬▬▬ ▬▬▬▬ ▬▬ ▬▬▬ ▬▬ ▬▬▬▬ ▬▬▬ ▬▬ ▬▬▬▬ ▬▬ ▬▬▬ ▬▬ ▬▬▬▬ ▬▬ ▬▬▬ ▬▬▬▬ ▬▬ ▬▬▬ ▬▬ ▬▬▬▬ ▬▬▬ ▬▬ ▬▬▬▬ ▬▬ ▬▬▬ ▬▬ ▬▬▬▬ ▬▬ ▬▬▬ ▬▬▬▬ ▬▬ ▬▬▬ ▬▬ ▬▬▬▬ ▬▬▬ ▬▬ ▬▬▬▬ ▬▬ ▬▬▬ ▬▬ ▬▬▬▬ ▬▬ ▬▬▬ ▬▬▬▬ ▬▬ ▬▬▬ ▬▬ ▬▬▬▬ ▬▬▬ ▬▬ ▬▬▬▬ ▬▬ ▬▬▬ ▬▬ ▬▬▬▬ ▬▬ ▬▬▬ ▬▬▬▬ ▬▬ ▬▬▬ ▬▬ ▬▬▬▬ ▬▬▬ ▬▬ ▬▬▬▬ ▬▬ ▬▬▬ ▬▬ ▬▬▬▬ ▬▬ ▬▬▬ ▬▬▬▬ ▬▬ ▬▬▬ ▬▬ ▬▬▬▬ ▬▬▬ ▬▬ ▬▬▬▬ ▬▬ ▬▬▬ ▬▬ ▬▬▬▬ ▬▬ ▬▬▬ ▬▬▬▬ ▬▬ ▬▬▬ ▬▬ ▬▬▬▬ ▬▬▬ ▬▬ ▬▬▬▬ ▬▬ ▬▬▬ ▬▬ ▬▬▬▬ ▬▬ ▬▬▬ ▬▬▬▬ ▬▬ ▬▬▬ ▬▬ ▬▬▬▬ ▬▬▬ ▬▬ ▬▬▬▬ ▬▬ ▬▬▬ ▬▬ ▬▬▬▬ ▬▬ ▬▬▬ ▬▬▬▬ ▬▬ ▬▬▬ ▬▬ ▬▬▬▬ ▬▬▬ ▬▬ ▬▬▬▬ ▬▬ ▬▬▬ ▬▬ ▬▬▬▬ ▬▬ ▬▬▬ ▬▬▬▬ ▬▬ ▬▬▬ ▬▬ ▬▬▬▬ ▬▬▬ ▬▬ ▬▬▬▬ ▬▬ ▬▬▬ ▬▬ ▬▬▬▬ ▬▬ ▬▬▬ ▬▬▬▬ ▬▬ ▬▬▬ ▬▬ ▬▬▬▬
বাবার সন্দেহের তীর
▬▬▬ ▬▬ ▬▬▬▬ ▬▬ ▬▬▬ ▬▬▬▬ ▬▬ ▬▬▬ ▬▬ ▬▬▬▬ ▬▬▬ ▬▬ ▬▬▬▬ ▬▬ ▬▬▬ ▬▬ ▬▬▬▬ ▬▬ ▬▬▬ ▬▬▬▬ ▬▬ ▬▬▬ ▬▬ ▬▬▬▬ ▬▬▬ ▬▬ ▬▬▬▬ ▬▬ ▬▬▬ ▬▬ ▬▬▬▬ ▬▬ ▬▬▬ ▬▬▬▬ ▬▬ ▬▬▬ ▬▬ ▬▬▬▬ ▬▬▬ ▬▬ ▬▬▬▬ ▬▬ ▬▬▬ ▬▬ ▬▬▬▬ ▬▬ ▬▬▬ ▬▬▬▬ ▬▬ ▬▬▬ ▬▬ ▬▬▬▬ ▬▬▬ ▬▬ ▬▬▬▬ ▬▬ ▬▬▬ ▬▬ ▬▬▬▬ ▬▬ ▬▬▬ ▬▬▬▬ ▬▬ ▬▬▬ ▬▬ ▬▬▬▬ ▬▬▬ ▬▬ ▬▬▬▬ ▬▬ ▬▬▬ ▬▬ ▬▬▬▬ ▬▬ ▬▬▬ ▬▬▬▬ ▬▬ ▬▬▬ ▬▬ ▬▬▬▬ ▬▬▬ ▬▬ ▬▬▬▬ ▬▬ ▬▬▬ ▬▬ ▬▬▬▬ ▬▬ ▬▬▬ ▬▬▬▬ ▬▬ ▬▬▬ ▬▬ ▬▬▬▬ ▬▬▬ ▬▬ ▬▬▬▬ ▬▬ ▬▬▬ ▬▬ ▬▬▬▬ ▬▬ ▬▬▬ ▬▬▬▬ ▬▬ ▬▬▬ ▬▬ ▬▬▬▬ ▬▬▬ ▬▬ ▬▬▬▬ ▬▬ ▬▬▬ ▬▬ ▬▬▬▬ ▬▬ ▬▬▬ ▬▬▬▬ ▬▬ ▬▬▬ ▬▬ ▬▬▬▬ ▬▬▬ ▬▬ ▬▬▬▬ ▬▬ ▬▬▬ ▬▬ ▬▬▬▬ ▬▬ ▬▬▬ ▬▬▬▬
কামালের মধ্যরাতে গণমাধ্যমে
▬▬▬ ▬▬ ▬▬▬▬ ▬▬ ▬▬▬ ▬▬▬▬ ▬▬ ▬▬▬ ▬▬ ▬▬▬▬ ▬▬▬ ▬▬ ▬▬▬▬ ▬▬ ▬▬▬ ▬▬ ▬▬▬▬ ▬▬ ▬▬▬ ▬▬▬▬ ▬▬ ▬▬▬ ▬▬ ▬▬▬▬ ▬▬▬ ▬▬ ▬▬▬▬ ▬▬ ▬▬▬ ▬▬ ▬▬▬▬ ▬▬ ▬▬▬ ▬▬▬▬ ▬▬ ▬▬▬ ▬▬ ▬▬▬▬ ▬▬▬ ▬▬ ▬▬▬▬ ▬▬ ▬▬▬ ▬▬ ▬▬▬▬ ▬▬ ▬▬▬ ▬▬▬▬ ▬▬ ▬▬▬ ▬▬ ▬▬▬▬ ▬▬▬ ▬▬ ▬▬▬▬ ▬▬ ▬▬▬ ▬▬ ▬▬▬▬ ▬▬ ▬▬▬ ▬▬▬▬
শিক্ষায় সাথে
▬▬▬ ▬▬ ▬▬▬▬ ▬▬ ▬▬▬ ▬▬▬▬ ▬▬ ▬▬▬ ▬▬ ▬▬▬▬ ▬▬▬ ▬▬ ▬▬▬▬ ▬▬ ▬▬▬ ▬▬ ▬▬▬▬ ▬▬ ▬▬▬ ▬▬▬▬ ▬▬ ▬▬▬ ▬▬ ▬▬▬▬ ▬▬▬ ▬▬ ▬▬▬▬ ▬▬ ▬▬▬ ▬▬ ▬▬▬▬ ▬▬ ▬▬▬ ▬▬▬▬ ▬▬ ▬▬▬ ▬▬ ▬▬▬▬ ▬▬▬ ▬▬ ▬▬▬▬ ▬▬ ▬▬▬ ▬▬ ▬▬▬▬ ▬▬ ▬▬▬ ▬▬▬▬
